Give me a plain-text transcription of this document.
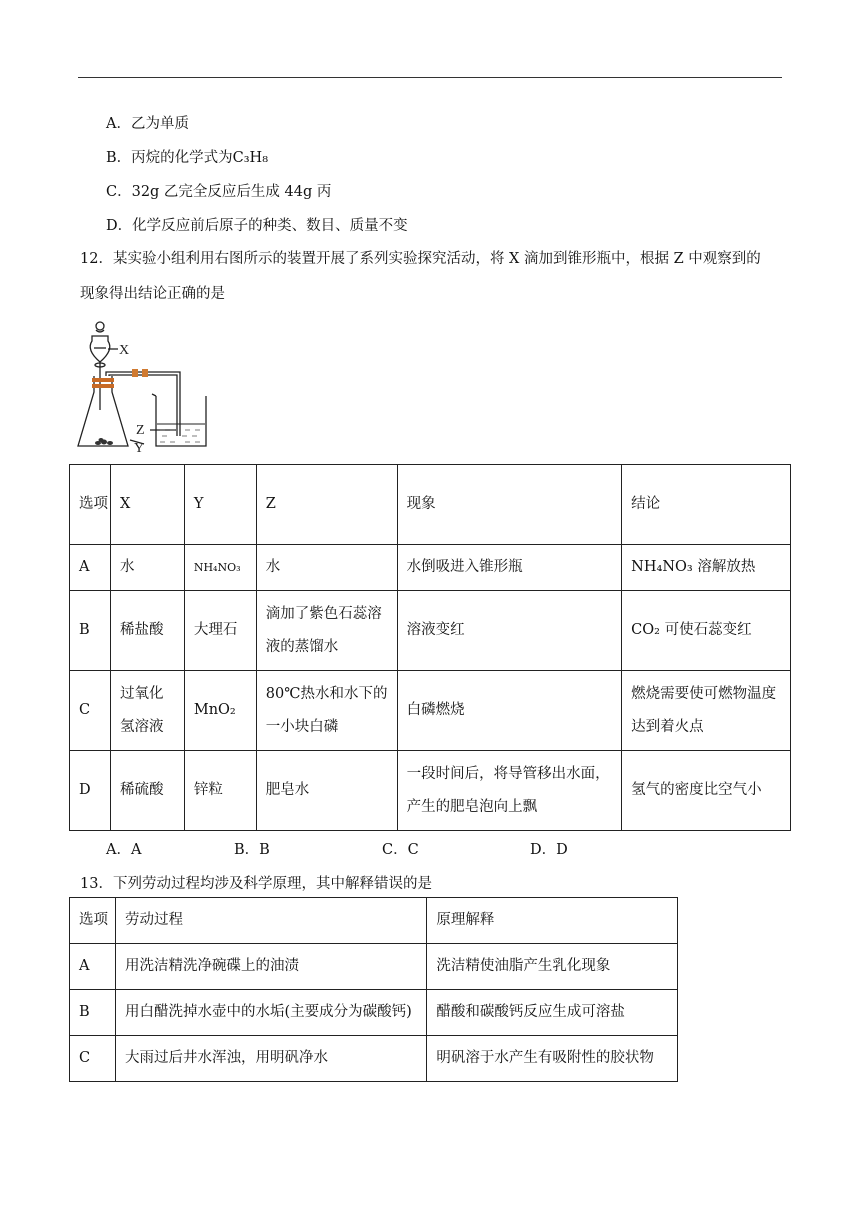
A．乙为单质
B．丙烷的化学式为C₃H₈
C．32g 乙完全反应后生成 44g 丙
D．化学反应前后原子的种类、数目、质量不变
12．某实验小组利用右图所示的装置开展了系列实验探究活动，将 X 滴加到锥形瓶中，根据 Z 中观察到的
现象得出结论正确的是
X
Z
Y
选项	X	Y	Z	现象	结论
A	水	NH₄NO₃	水	水倒吸进入锥形瓶	NH₄NO₃ 溶解放热
B	稀盐酸	大理石	滴加了紫色石蕊溶液的蒸馏水	溶液变红	CO₂ 可使石蕊变红
C	过氧化氢溶液	MnO₂	80℃热水和水下的一小块白磷	白磷燃烧	燃烧需要使可燃物温度达到着火点
D	稀硫酸	锌粒	肥皂水	一段时间后，将导管移出水面，产生的肥皂泡向上飘	氢气的密度比空气小
A．A	B．B	C．C	D．D
13．下列劳动过程均涉及科学原理，其中解释错误的是
选项	劳动过程	原理解释
A	用洗洁精洗净碗碟上的油渍	洗洁精使油脂产生乳化现象
B	用白醋洗掉水壶中的水垢(主要成分为碳酸钙)	醋酸和碳酸钙反应生成可溶盐
C	大雨过后井水浑浊，用明矾净水	明矾溶于水产生有吸附性的胶状物
